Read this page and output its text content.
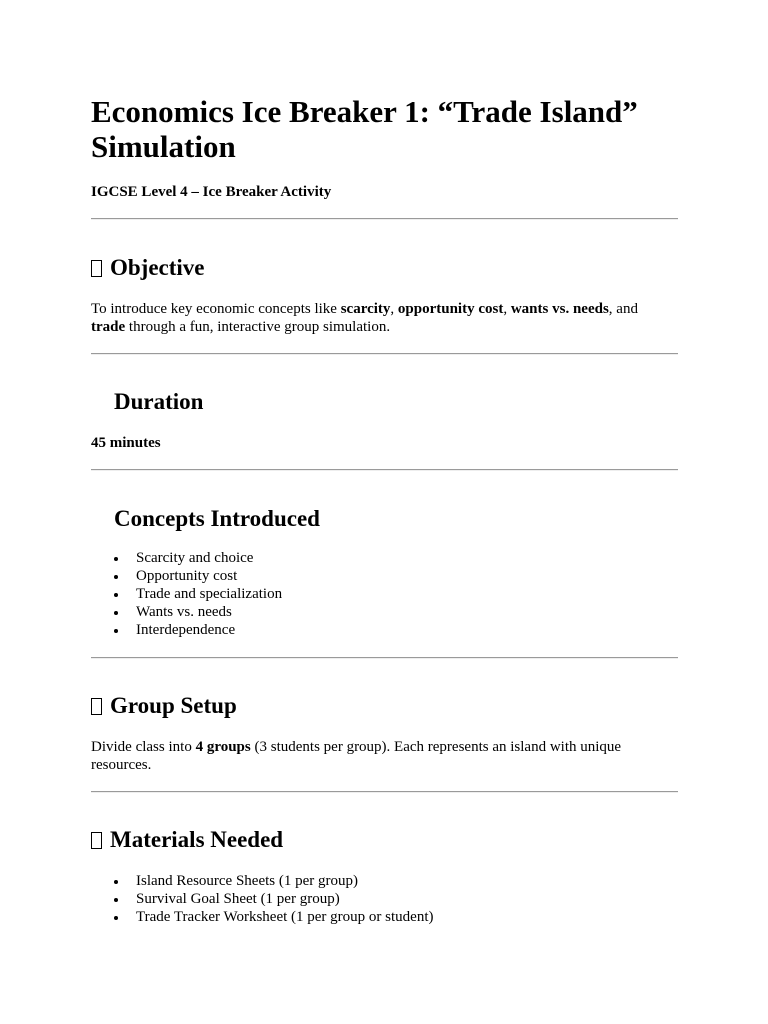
Economics Ice Breaker 1: “Trade Island”
Simulation
IGCSE Level 4 – Ice Breaker Activity
Objective
To introduce key economic concepts like scarcity, opportunity cost, wants vs. needs, and
trade through a fun, interactive group simulation.
Duration
45 minutes
Concepts Introduced
Scarcity and choice
Opportunity cost
Trade and specialization
Wants vs. needs
Interdependence
Group Setup
Divide class into 4 groups (3 students per group). Each represents an island with unique
resources.
Materials Needed
Island Resource Sheets (1 per group)
Survival Goal Sheet (1 per group)
Trade Tracker Worksheet (1 per group or student)
